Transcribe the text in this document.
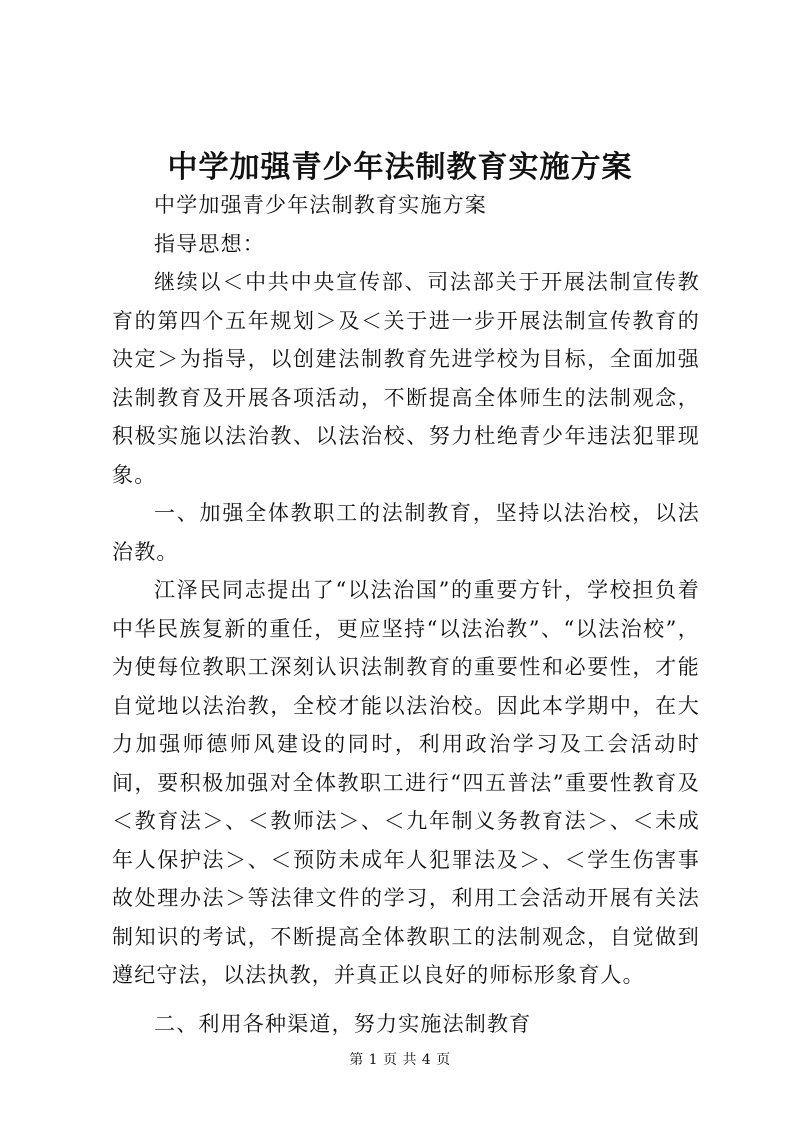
中学加强青少年法制教育实施方案

中学加强青少年法制教育实施方案

指导思想：

继续以＜中共中央宣传部、司法部关于开展法制宣传教育的第四个五年规划＞及＜关于进一步开展法制宣传教育的决定＞为指导，以创建法制教育先进学校为目标，全面加强法制教育及开展各项活动，不断提高全体师生的法制观念，积极实施以法治教、以法治校、努力杜绝青少年违法犯罪现象。

一、加强全体教职工的法制教育，坚持以法治校，以法治教。

江泽民同志提出了“以法治国”的重要方针，学校担负着中华民族复新的重任，更应坚持“以法治教”、“以法治校”，为使每位教职工深刻认识法制教育的重要性和必要性，才能自觉地以法治教，全校才能以法治校。因此本学期中，在大力加强师德师风建设的同时，利用政治学习及工会活动时间，要积极加强对全体教职工进行“四五普法”重要性教育及＜教育法＞、＜教师法＞、＜九年制义务教育法＞、＜未成年人保护法＞、＜预防未成年人犯罪法及＞、＜学生伤害事故处理办法＞等法律文件的学习，利用工会活动开展有关法制知识的考试，不断提高全体教职工的法制观念，自觉做到遵纪守法，以法执教，并真正以良好的师标形象育人。

二、利用各种渠道，努力实施法制教育

第 1 页 共 4 页
